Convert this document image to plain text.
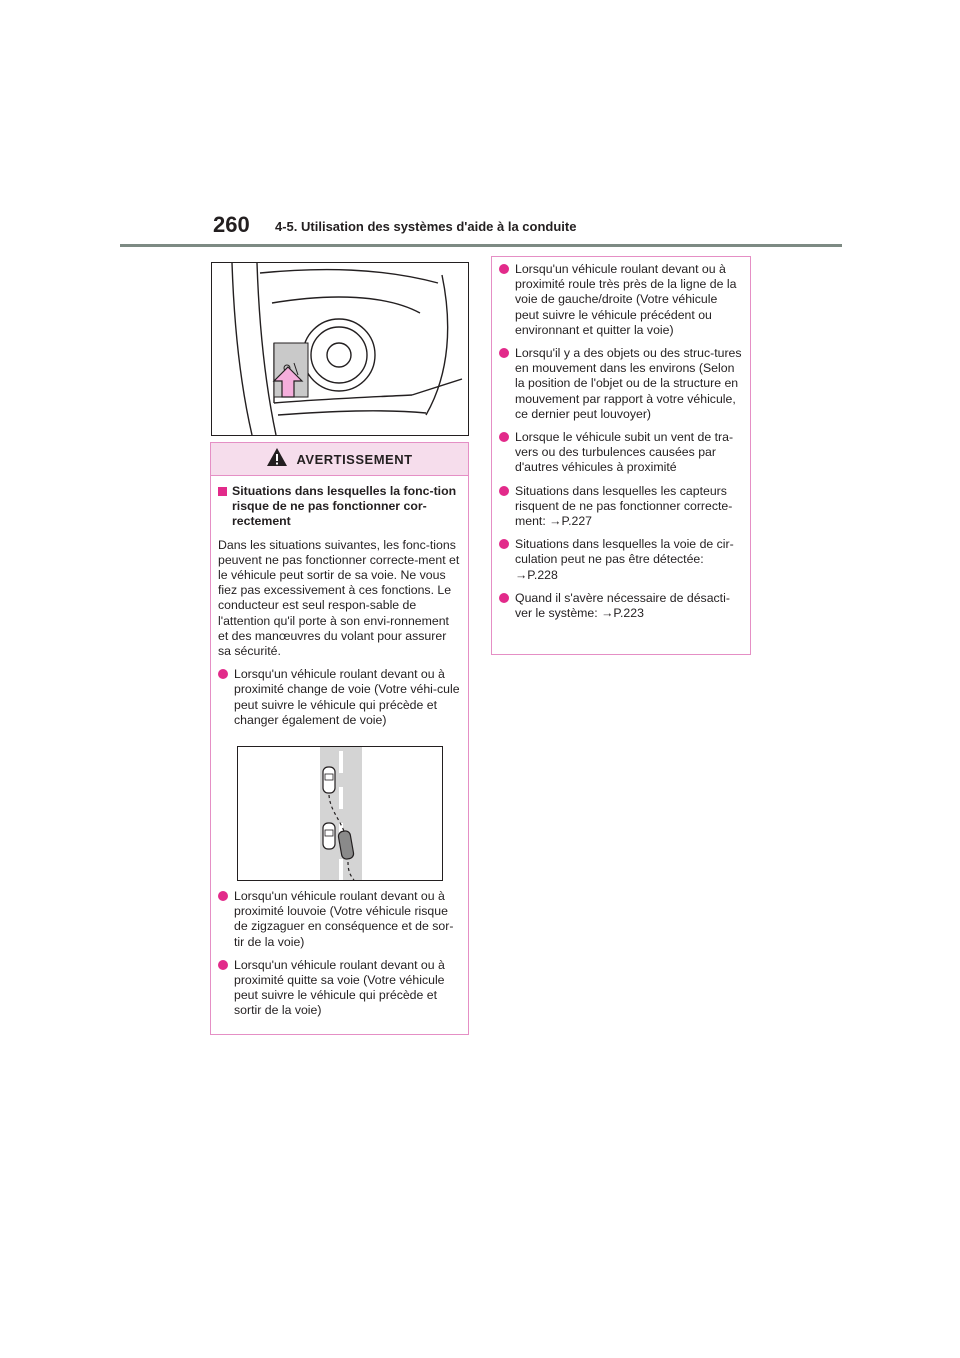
260 4-5. Utilisation des systèmes d'aide à la conduite
AVERTISSEMENT
Situations dans lesquelles la fonc-tion risque de ne pas fonctionner cor-rectement
Dans les situations suivantes, les fonc-tions peuvent ne pas fonctionner correcte-ment et le véhicule peut sortir de sa voie. Ne vous fiez pas excessivement à ces fonctions. Le conducteur est seul respon-sable de l'attention qu'il porte à son envi-ronnement et des manœuvres du volant pour assurer sa sécurité.
Lorsqu'un véhicule roulant devant ou à proximité change de voie (Votre véhi-cule peut suivre le véhicule qui précède et changer également de voie)
Lorsqu'un véhicule roulant devant ou à proximité louvoie (Votre véhicule risque de zigzaguer en conséquence et de sor-tir de la voie)
Lorsqu'un véhicule roulant devant ou à proximité quitte sa voie (Votre véhicule peut suivre le véhicule qui précède et sortir de la voie)
Lorsqu'un véhicule roulant devant ou à proximité roule très près de la ligne de la voie de gauche/droite (Votre véhicule peut suivre le véhicule précédent ou environnant et quitter la voie)
Lorsqu'il y a des objets ou des struc-tures en mouvement dans les environs (Selon la position de l'objet ou de la structure en mouvement par rapport à votre véhicule, ce dernier peut louvoyer)
Lorsque le véhicule subit un vent de tra-vers ou des turbulences causées par d'autres véhicules à proximité
Situations dans lesquelles les capteurs risquent de ne pas fonctionner correcte-ment: →P.227
Situations dans lesquelles la voie de cir-culation peut ne pas être détectée: →P.228
Quand il s'avère nécessaire de désacti-ver le système: →P.223
